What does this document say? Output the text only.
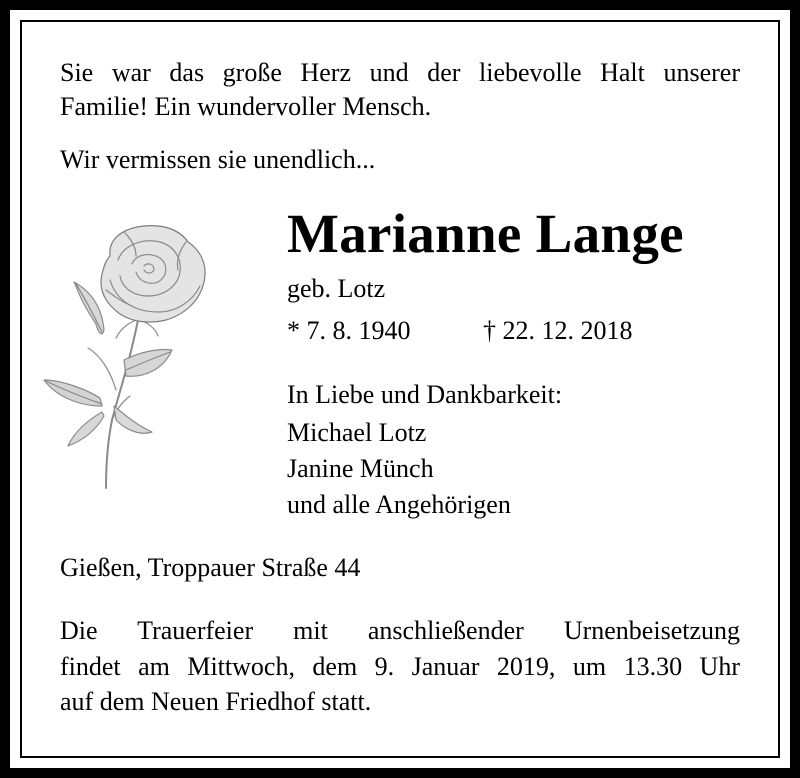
Sie war das große Herz und der liebevolle Halt unserer
Familie! Ein wundervoller Mensch.
Wir vermissen sie unendlich...
Marianne Lange
geb. Lotz
* 7. 8. 1940	† 22. 12. 2018
In Liebe und Dankbarkeit:
Michael Lotz
Janine Münch
und alle Angehörigen
Gießen, Troppauer Straße 44
Die Trauerfeier mit anschließender Urnenbeisetzung
findet am Mittwoch, dem 9. Januar 2019, um 13.30 Uhr
auf dem Neuen Friedhof statt.
